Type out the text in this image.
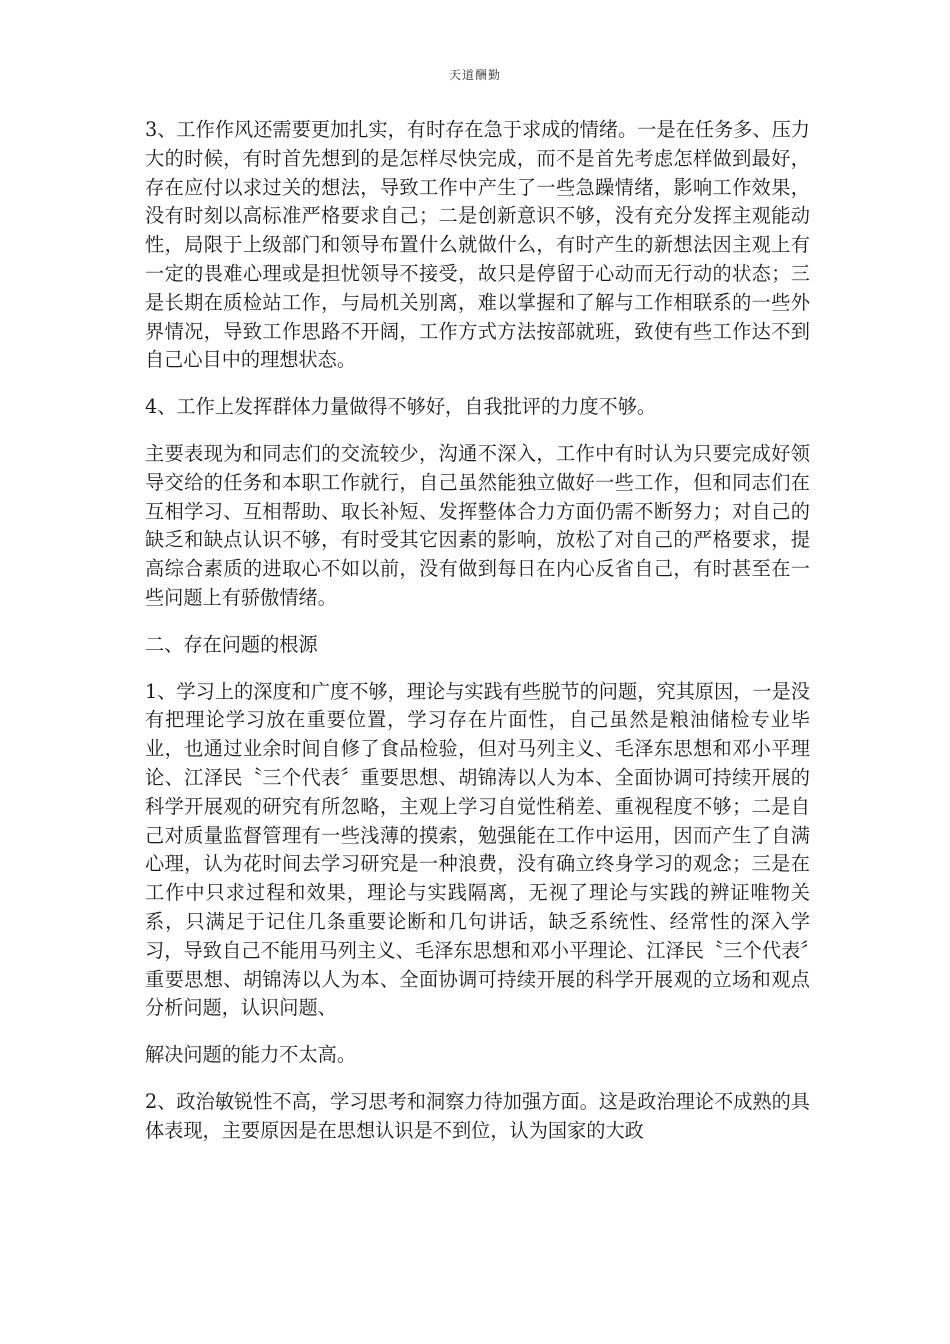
天道酬勤

3、工作作风还需要更加扎实，有时存在急于求成的情绪。一是在任务多、压力大的时候，有时首先想到的是怎样尽快完成，而不是首先考虑怎样做到最好，存在应付以求过关的想法，导致工作中产生了一些急躁情绪，影响工作效果，没有时刻以高标准严格要求自己；二是创新意识不够，没有充分发挥主观能动性，局限于上级部门和领导布置什么就做什么，有时产生的新想法因主观上有一定的畏难心理或是担忧领导不接受，故只是停留于心动而无行动的状态；三是长期在质检站工作，与局机关别离，难以掌握和了解与工作相联系的一些外界情况，导致工作思路不开阔，工作方式方法按部就班，致使有些工作达不到自己心目中的理想状态。

4、工作上发挥群体力量做得不够好，自我批评的力度不够。

主要表现为和同志们的交流较少，沟通不深入，工作中有时认为只要完成好领导交给的任务和本职工作就行，自己虽然能独立做好一些工作，但和同志们在互相学习、互相帮助、取长补短、发挥整体合力方面仍需不断努力；对自己的缺乏和缺点认识不够，有时受其它因素的影响，放松了对自己的严格要求，提高综合素质的进取心不如以前，没有做到每日在内心反省自己，有时甚至在一些问题上有骄傲情绪。

二、存在问题的根源

1、学习上的深度和广度不够，理论与实践有些脱节的问题，究其原因，一是没有把理论学习放在重要位置，学习存在片面性，自己虽然是粮油储检专业毕业，也通过业余时间自修了食品检验，但对马列主义、毛泽东思想和邓小平理论、江泽民〝三个代表〞重要思想、胡锦涛以人为本、全面协调可持续开展的科学开展观的研究有所忽略，主观上学习自觉性稍差、重视程度不够；二是自己对质量监督管理有一些浅薄的摸索，勉强能在工作中运用，因而产生了自满心理，认为花时间去学习研究是一种浪费，没有确立终身学习的观念；三是在工作中只求过程和效果，理论与实践隔离，无视了理论与实践的辨证唯物关系，只满足于记住几条重要论断和几句讲话，缺乏系统性、经常性的深入学习，导致自己不能用马列主义、毛泽东思想和邓小平理论、江泽民〝三个代表〞重要思想、胡锦涛以人为本、全面协调可持续开展的科学开展观的立场和观点分析问题，认识问题、

解决问题的能力不太高。

2、政治敏锐性不高，学习思考和洞察力待加强方面。这是政治理论不成熟的具体表现，主要原因是在思想认识是不到位，认为国家的大政
